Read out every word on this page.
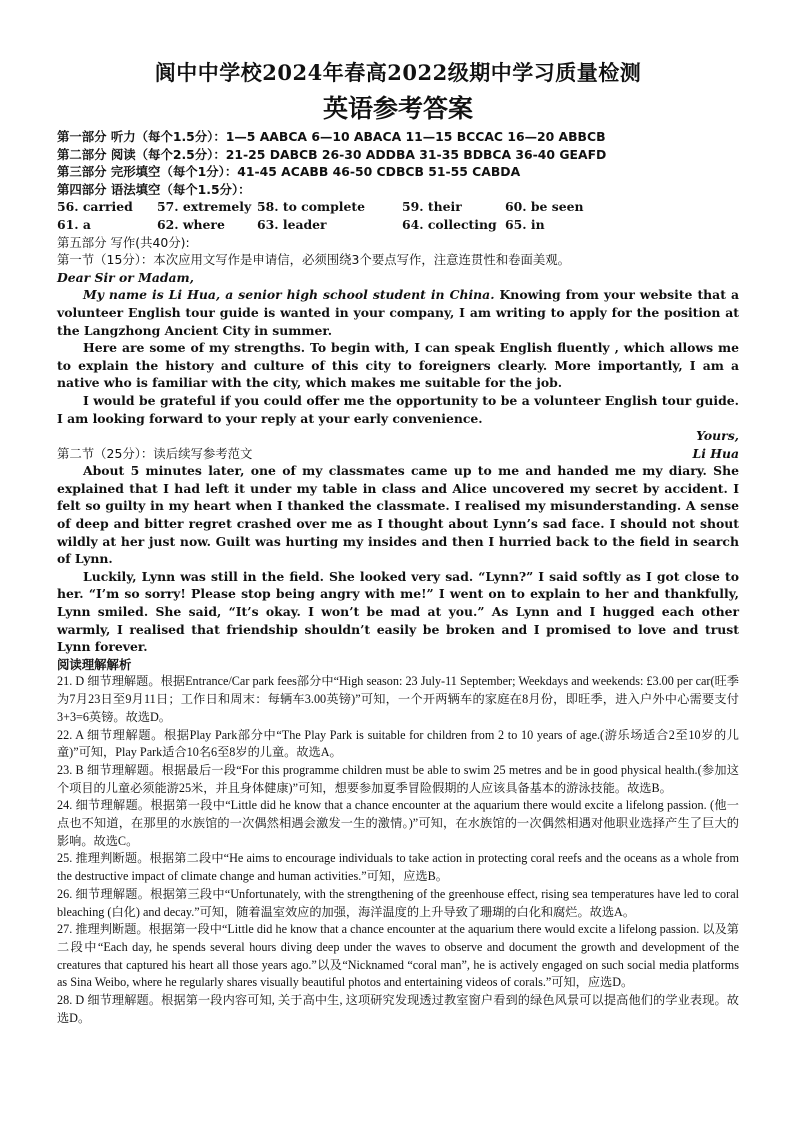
阆中中学校2024年春高2022级期中学习质量检测
英语参考答案
第一部分 听力（每个1.5分）：1—5 AABCA 6—10 ABACA 11—15 BCCAC 16—20 ABBCB
第二部分 阅读（每个2.5分）：21-25 DABCB 26-30 ADDBA 31-35 BDBCA 36-40 GEAFD
第三部分 完形填空（每个1分）：41-45 ACABB 46-50 CDBCB 51-55 CABDA
第四部分 语法填空（每个1.5分）：
56. carried	57. extremely 58. to complete	59. their	60. be seen
61. a	62. where	63. leader	64. collecting 65. in
第五部分 写作(共40分):
第一节（15分）：本次应用文写作是申请信，必须围绕3个要点写作，注意连贯性和卷面美观。
Dear Sir or Madam,

My name is Li Hua, a senior high school student in China. Knowing from your website that a volunteer English tour guide is wanted in your company, I am writing to apply for the position at the Langzhong Ancient City in summer.

Here are some of my strengths. To begin with, I can speak English fluently , which allows me to explain the history and culture of this city to foreigners clearly. More importantly, I am a native who is familiar with the city, which makes me suitable for the job.

I would be grateful if you could offer me the opportunity to be a volunteer English tour guide. I am looking forward to your reply at your early convenience.

Yours,
Li Hua
第二节（25分）：读后续写参考范文

About 5 minutes later, one of my classmates came up to me and handed me my diary. She explained that I had left it under my table in class and Alice uncovered my secret by accident. I felt so guilty in my heart when I thanked the classmate. I realised my misunderstanding. A sense of deep and bitter regret crashed over me as I thought about Lynn’s sad face. I should not shout wildly at her just now. Guilt was hurting my insides and then I hurried back to the field in search of Lynn.

Luckily, Lynn was still in the field. She looked very sad. “Lynn?” I said softly as I got close to her. “I’m so sorry! Please stop being angry with me!” I went on to explain to her and thankfully, Lynn smiled. She said, “It’s okay. I won’t be mad at you.” As Lynn and I hugged each other warmly, I realised that friendship shouldn’t easily be broken and I promised to love and trust Lynn forever.

阅读理解解析

21. D 细节理解题。根据Entrance/Car park fees部分中“High season: 23 July-11 September; Weekdays and weekends: £3.00 per car(旺季为7月23日至9月11日；工作日和周末：每辆车3.00英镑)”可知，一个开两辆车的家庭在8月份，即旺季，进入户外中心需要支付3+3=6英镑。故选D。

22. A 细节理解题。根据Play Park部分中“The Play Park is suitable for children from 2 to 10 years of age.(游乐场适合2至10岁的儿童)”可知，Play Park适合10名6至8岁的儿童。故选A。

23. B 细节理解题。根据最后一段“For this programme children must be able to swim 25 metres and be in good physical health.(参加这个项目的儿童必须能游25米，并且身体健康)”可知，想要参加夏季冒险假期的人应该具备基本的游泳技能。故选B。

24. 细节理解题。根据第一段中“Little did he know that a chance encounter at the aquarium there would excite a lifelong passion. (他一点也不知道，在那里的水族馆的一次偶然相遇会激发一生的激情。)”可知，在水族馆的一次偶然相遇对他职业选择产生了巨大的影响。故选C。

25. 推理判断题。根据第二段中“He aims to encourage individuals to take action in protecting coral reefs and the oceans as a whole from the destructive impact of climate change and human activities.”可知，应选B。

26. 细节理解题。根据第三段中“Unfortunately, with the strengthening of the greenhouse effect, rising sea temperatures have led to coral bleaching (白化) and decay.”可知，随着温室效应的加强，海洋温度的上升导致了珊瑚的白化和腐烂。故选A。

27. 推理判断题。根据第一段中“Little did he know that a chance encounter at the aquarium there would excite a lifelong passion. 以及第二段中“Each day, he spends several hours diving deep under the waves to observe and document the growth and development of the creatures that captured his heart all those years ago.”以及“Nicknamed “coral man”, he is actively engaged on such social media platforms as Sina Weibo, where he regularly shares visually beautiful photos and entertaining videos of corals.”可知，应选D。

28. D 细节理解题。根据第一段内容可知, 关于高中生, 这项研究发现透过教室窗户看到的绿色风景可以提高他们的学业表现。故选D。
